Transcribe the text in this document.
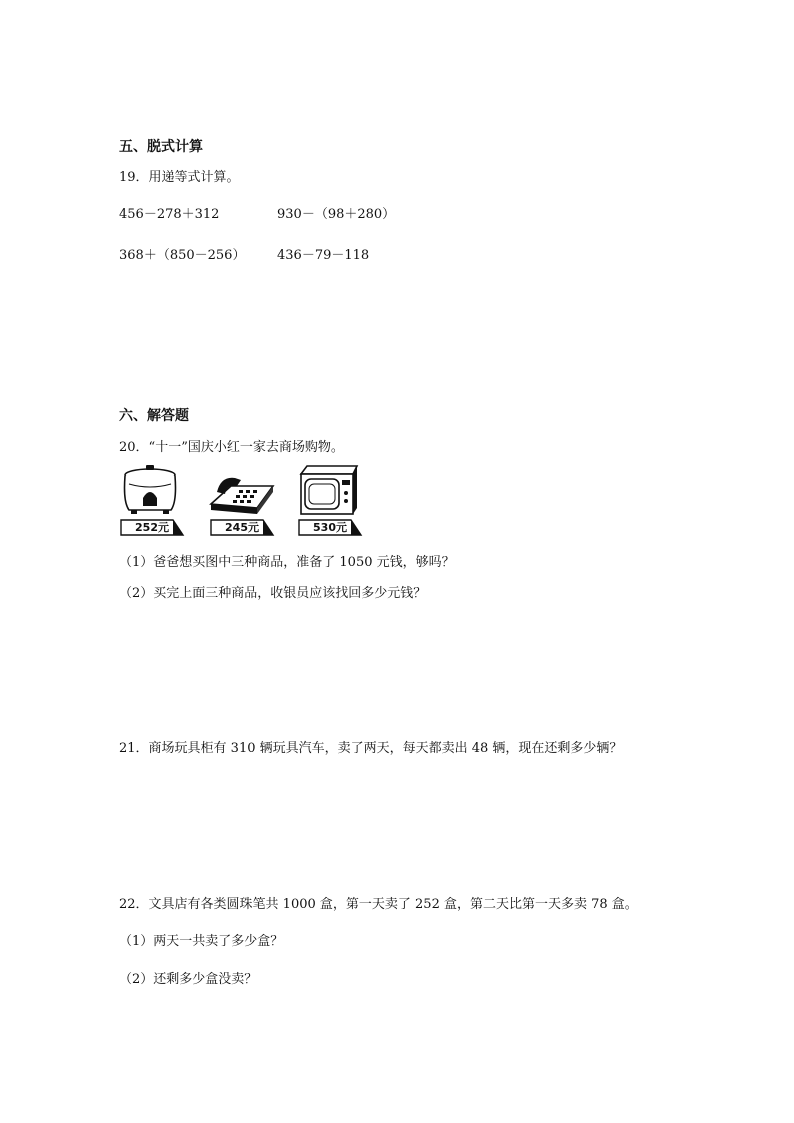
五、脱式计算
19．用递等式计算。
456－278＋312	930－（98＋280）
368＋（850－256） 436－79－118
六、解答题
20．“十一”国庆小红一家去商场购物。
252元	245元	530元
（1）爸爸想买图中三种商品，准备了 1050 元钱，够吗？
（2）买完上面三种商品，收银员应该找回多少元钱？
21．商场玩具柜有 310 辆玩具汽车，卖了两天，每天都卖出 48 辆，现在还剩多少辆？
22．文具店有各类圆珠笔共 1000 盒，第一天卖了 252 盒，第二天比第一天多卖 78 盒。
（1）两天一共卖了多少盒？
（2）还剩多少盒没卖？
